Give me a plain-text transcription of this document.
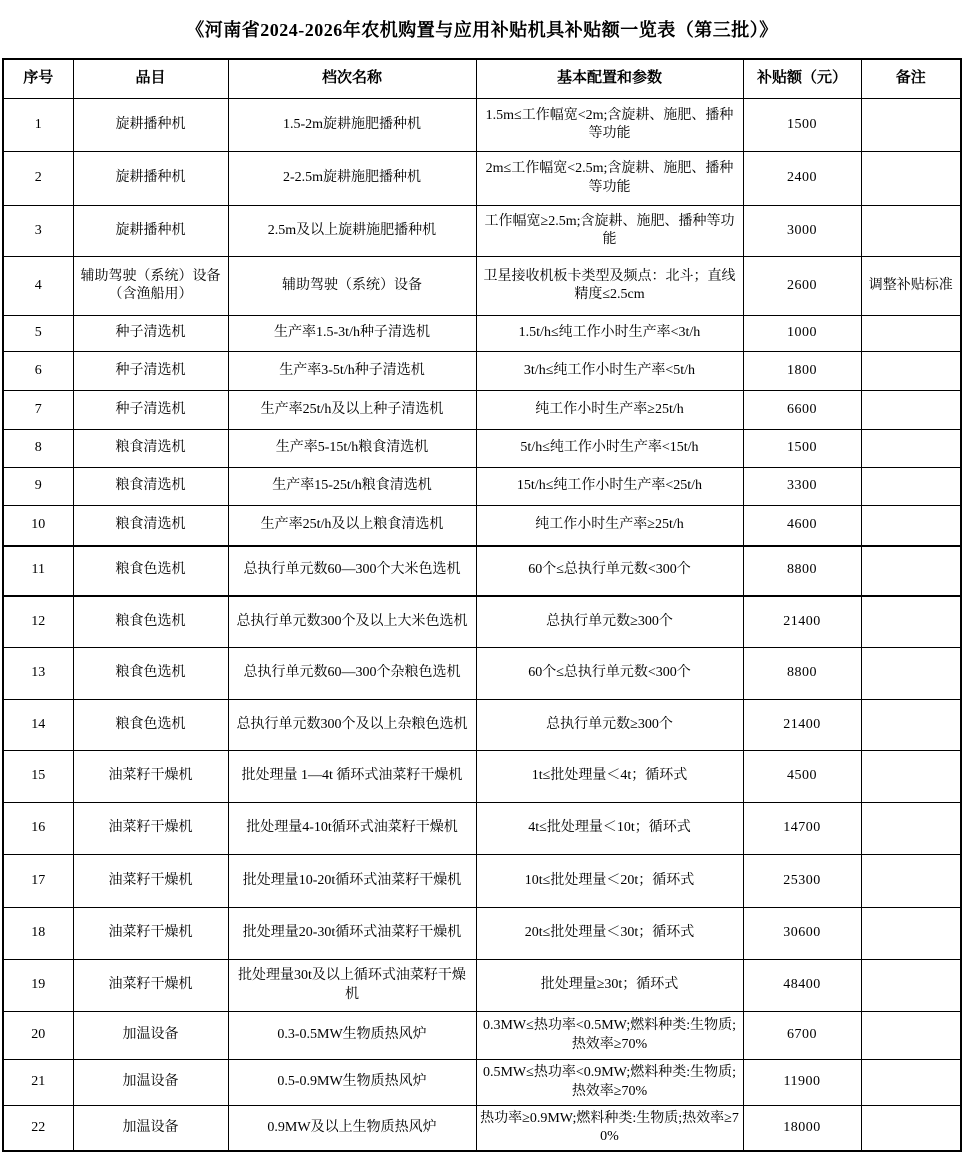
《河南省2024-2026年农机购置与应用补贴机具补贴额一览表（第三批）》
序号	品目	档次名称	基本配置和参数	补贴额（元）	备注
1	旋耕播种机	1.5-2m旋耕施肥播种机	1.5m≤工作幅宽<2m;含旋耕、施肥、播种等功能	1500	
2	旋耕播种机	2-2.5m旋耕施肥播种机	2m≤工作幅宽<2.5m;含旋耕、施肥、播种等功能	2400	
3	旋耕播种机	2.5m及以上旋耕施肥播种机	工作幅宽≥2.5m;含旋耕、施肥、播种等功能	3000	
4	辅助驾驶（系统）设备（含渔船用）	辅助驾驶（系统）设备	卫星接收机板卡类型及频点：北斗；直线精度≤2.5cm	2600	调整补贴标准
5	种子清选机	生产率1.5-3t/h种子清选机	1.5t/h≤纯工作小时生产率<3t/h	1000	
6	种子清选机	生产率3-5t/h种子清选机	3t/h≤纯工作小时生产率<5t/h	1800	
7	种子清选机	生产率25t/h及以上种子清选机	纯工作小时生产率≥25t/h	6600	
8	粮食清选机	生产率5-15t/h粮食清选机	5t/h≤纯工作小时生产率<15t/h	1500	
9	粮食清选机	生产率15-25t/h粮食清选机	15t/h≤纯工作小时生产率<25t/h	3300	
10	粮食清选机	生产率25t/h及以上粮食清选机	纯工作小时生产率≥25t/h	4600	
11	粮食色选机	总执行单元数60—300个大米色选机	60个≤总执行单元数<300个	8800	
12	粮食色选机	总执行单元数300个及以上大米色选机	总执行单元数≥300个	21400	
13	粮食色选机	总执行单元数60—300个杂粮色选机	60个≤总执行单元数<300个	8800	
14	粮食色选机	总执行单元数300个及以上杂粮色选机	总执行单元数≥300个	21400	
15	油菜籽干燥机	批处理量 1—4t 循环式油菜籽干燥机	1t≤批处理量＜4t；循环式	4500	
16	油菜籽干燥机	批处理量4-10t循环式油菜籽干燥机	4t≤批处理量＜10t；循环式	14700	
17	油菜籽干燥机	批处理量10-20t循环式油菜籽干燥机	10t≤批处理量＜20t；循环式	25300	
18	油菜籽干燥机	批处理量20-30t循环式油菜籽干燥机	20t≤批处理量＜30t；循环式	30600	
19	油菜籽干燥机	批处理量30t及以上循环式油菜籽干燥机	批处理量≥30t；循环式	48400	
20	加温设备	0.3-0.5MW生物质热风炉	0.3MW≤热功率<0.5MW;燃料种类:生物质;热效率≥70%	6700	
21	加温设备	0.5-0.9MW生物质热风炉	0.5MW≤热功率<0.9MW;燃料种类:生物质;热效率≥70%	11900	
22	加温设备	0.9MW及以上生物质热风炉	热功率≥0.9MW;燃料种类:生物质;热效率≥70%	18000	
